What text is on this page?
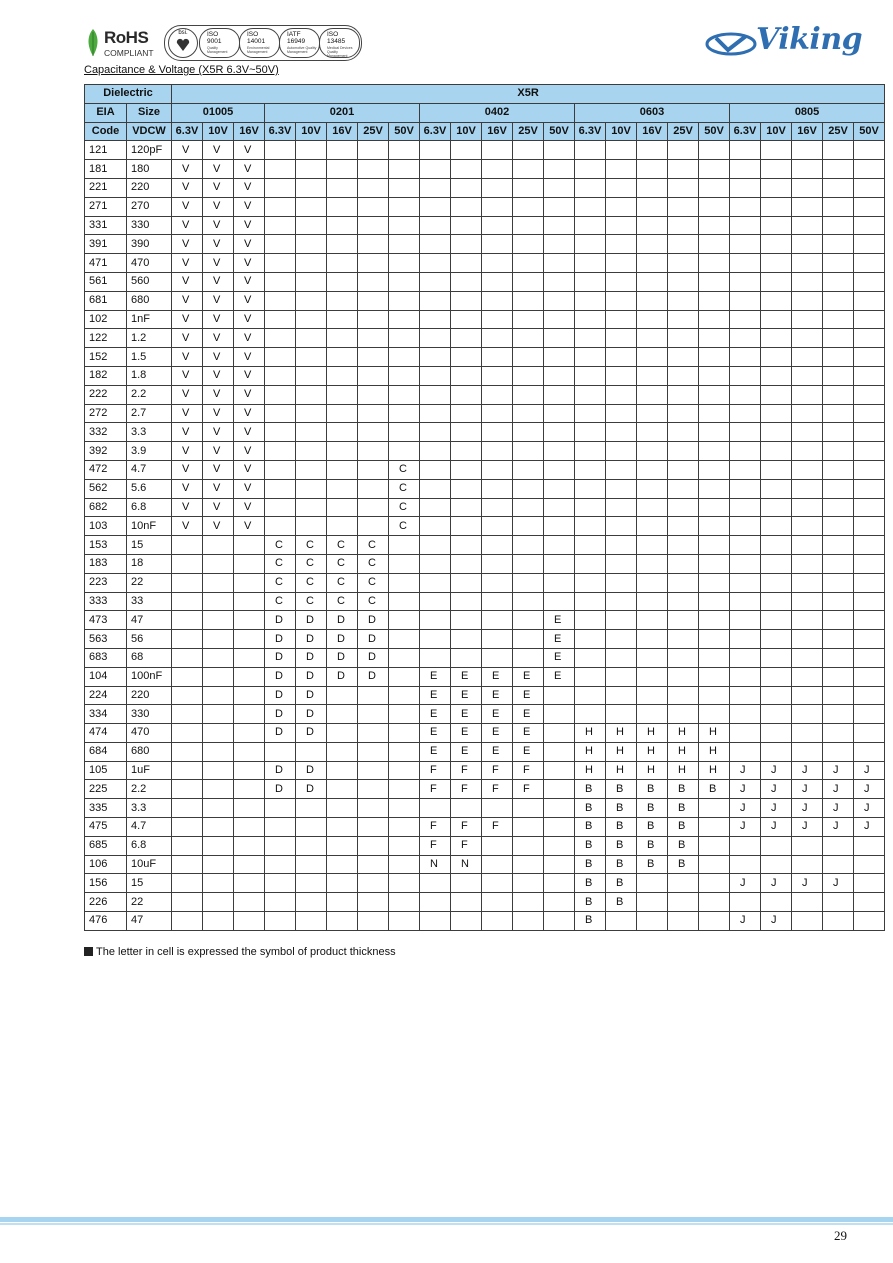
RoHS
COMPLIANT
bsi.	ISO
9001
Quality Management
ISO
14001
Environmental Management
IATF
16949
Automotive Quality Management
ISO
13485
Medical Devices Quality Management	Viking
Capacitance & Voltage (X5R 6.3V~50V)
Dielectric		X5R																						
EIA	Size	01005			0201					0402					0603					0805				
Code	VDCW	6.3V	10V	16V	6.3V	10V	16V	25V	50V	6.3V	10V	16V	25V	50V	6.3V	10V	16V	25V	50V	6.3V	10V	16V	25V	50V
121	120pF	V	V	V																				
181	180	V	V	V																				
221	220	V	V	V																				
271	270	V	V	V																				
331	330	V	V	V																				
391	390	V	V	V																				
471	470	V	V	V																				
561	560	V	V	V																				
681	680	V	V	V																				
102	1nF	V	V	V																				
122	1.2	V	V	V																				
152	1.5	V	V	V																				
182	1.8	V	V	V																				
222	2.2	V	V	V																				
272	2.7	V	V	V																				
332	3.3	V	V	V																				
392	3.9	V	V	V																				
472	4.7	V	V	V					C															
562	5.6	V	V	V					C															
682	6.8	V	V	V					C															
103	10nF	V	V	V					C															
153	15				C	C	C	C																
183	18				C	C	C	C																
223	22				C	C	C	C																
333	33				C	C	C	C																
473	47				D	D	D	D						E										
563	56				D	D	D	D						E										
683	68				D	D	D	D						E										
104	100nF				D	D	D	D		E	E	E	E	E										
224	220				D	D				E	E	E	E											
334	330				D	D				E	E	E	E											
474	470				D	D				E	E	E	E		H	H	H	H	H					
684	680									E	E	E	E		H	H	H	H	H					
105	1uF				D	D				F	F	F	F		H	H	H	H	H	J	J	J	J	J
225	2.2				D	D				F	F	F	F		B	B	B	B	B	J	J	J	J	J
335	3.3														B	B	B	B		J	J	J	J	J
475	4.7									F	F	F			B	B	B	B		J	J	J	J	J
685	6.8									F	F				B	B	B	B						
106	10uF									N	N				B	B	B	B						
156	15														B	B				J	J	J	J	
226	22														B	B								
476	47														B					J	J			
The letter in cell is expressed the symbol of product thickness
29
